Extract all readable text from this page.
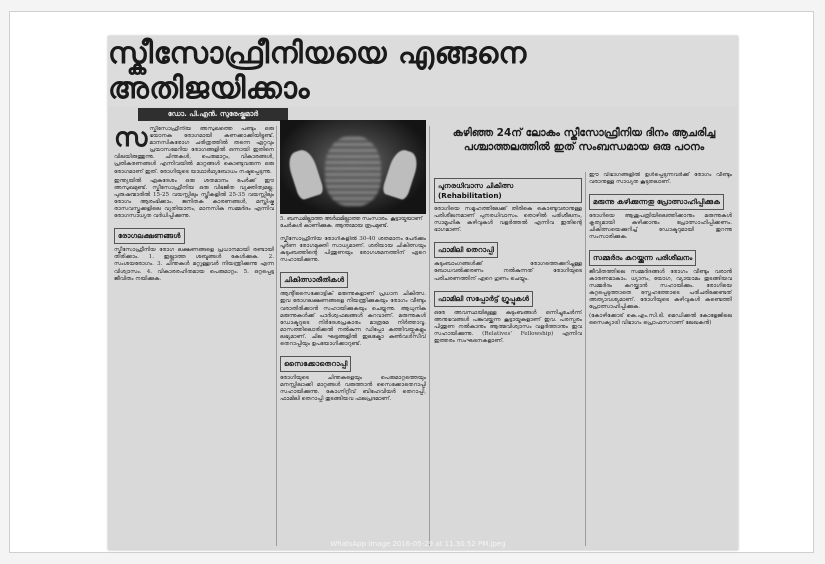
സ്കീസോഫ്രീനിയയെ എങ്ങനെ അതിജയിക്കാം
ഡോ. പി.എൻ. സുരേഷ്കുമാർ

സ സ്കീസോഫ്രീനിയ അസുഖത്തെ പണ്ടും ഒരു ഭയാനക രോഗമായി കണക്കാക്കിയിട്ടുണ്ട്. മാനസികരോഗ ചരിത്രത്തിൽ തന്നെ ഏറ്റവും പ്രയാസമേറിയ രോഗങ്ങളിൽ ഒന്നായി ഇതിനെ വിലയിരുത്തുന്നു. ചിന്തകൾ, പെരുമാറ്റം, വികാരങ്ങൾ, പ്രതികരണങ്ങൾ എന്നിവയിൽ മാറ്റങ്ങൾ കൊണ്ടുവരുന്ന ഒരു രോഗമാണ് ഇത്. രോഗിയുടെ യാഥാർഥ്യബോധം നഷ്ടപ്പെടുന്നു.

ഇന്ത്യയിൽ ഏകദേശം ഒരു ശതമാനം പേർക്ക് ഈ അസുഖമുണ്ട്. സ്കീസോഫ്രീനിയ ഒരു വിഭജിത വ്യക്തിത്വമല്ല. പുരുഷന്മാരിൽ 15-25 വയസ്സിലും സ്ത്രീകളിൽ 25-35 വയസ്സിലും രോഗം ആരംഭിക്കാം. ജനിതക കാരണങ്ങൾ, മസ്തിഷ്ക രാസവസ്തുക്കളിലെ വ്യതിയാനം, മാനസിക സമ്മർദം എന്നിവ രോഗസാധ്യത വർധിപ്പിക്കുന്നു.

രോഗലക്ഷണങ്ങൾ

സ്കീസോഫ്രീനിയ രോഗ ലക്ഷണങ്ങളെ പ്രധാനമായി രണ്ടായി തിരിക്കാം. 1. ഇല്ലാത്ത ശബ്ദങ്ങൾ കേൾക്കുക. 2. സംശയരോഗം. 3. ചിന്തകൾ മറ്റുള്ളവർ നിയന്ത്രിക്കുന്നു എന്ന വിശ്വാസം. 4. വികാരരഹിതമായ പെരുമാറ്റം. 5. ഒറ്റപ്പെട്ട ജീവിതം നയിക്കുക.

5. ബന്ധമില്ലാത്ത അർഥമില്ലാത്ത സംസാരം. കൂട്ടായ്മയാണ് ചേർകൾ കാണിക്കുക. ആന്തഃമായ രൂപമുണ്ട്.

സ്കീസോഫ്രീനിയ രോഗികളിൽ 30-40 ശതമാനം പേർക്കും പൂർണ രോഗമുക്തി സാധ്യമാണ്. ശരിയായ ചികിത്സയും കുടുംബത്തിന്റെ പിന്തുണയും രോഗശമനത്തിന് ഏറെ സഹായിക്കുന്നു.

ചികിത്സാരീതികൾ

ആന്റിസൈക്കോട്ടിക് മരുന്നുകളാണ് പ്രധാന ചികിത്സ. ഇവ രോഗലക്ഷണങ്ങളെ നിയന്ത്രിക്കുകയും രോഗം വീണ്ടും വരാതിരിക്കാൻ സഹായിക്കുകയും ചെയ്യുന്നു. ആധുനിക മരുന്നുകൾക്ക് പാർശ്വഫലങ്ങൾ കുറവാണ്. മരുന്നുകൾ ഡോക്ടറുടെ നിർദേശപ്രകാരം മാത്രമേ നിർത്താവൂ. മാസത്തിലൊരിക്കൽ നൽകുന്ന ഡിപ്പോ കുത്തിവയ്പുകളും ലഭ്യമാണ്. ചില ഘട്ടങ്ങളിൽ ഇലക്ട്രോ കൺവൾസീവ് തെറാപ്പിയും ഉപയോഗിക്കാറുണ്ട്.

സൈക്കോതെറാപ്പി

രോഗിയുടെ ചിന്തകളെയും പെരുമാറ്റത്തെയും മനസ്സിലാക്കി മാറ്റങ്ങൾ വരുത്താൻ സൈക്കോതെറാപ്പി സഹായിക്കുന്നു. കോഗ്നിറ്റീവ് ബിഹേവിയർ തെറാപ്പി, ഫാമിലി തെറാപ്പി തുടങ്ങിയവ ഫലപ്രദമാണ്.

കഴിഞ്ഞ 24ന് ലോകം സ്കീസോഫ്രീനിയ ദിനം ആചരിച്ച
പശ്ചാത്തലത്തിൽ ഇത് സംബന്ധമായ ഒരു പഠനം
പുനരധിവാസ ചികിത്സ (Rehabilitation)

രോഗിയെ സമൂഹത്തിലേക്ക് തിരികെ കൊണ്ടുവരാനുള്ള പരിശീലനമാണ് പുനരധിവാസം. തൊഴിൽ പരിശീലനം, സാമൂഹിക കഴിവുകൾ വളർത്തൽ എന്നിവ ഇതിന്റെ ഭാഗമാണ്.

ഫാമിലി തെറാപ്പി

കുടുംബാംഗങ്ങൾക്ക് രോഗത്തെക്കുറിച്ചുള്ള ബോധവൽക്കരണം നൽകുന്നത് രോഗിയുടെ പരിചരണത്തിന് ഏറെ ഗുണം ചെയ്യും.

ഫാമിലി സപ്പോർട്ട് ഗ്രൂപ്പുകൾ

ഒരേ അവസ്ഥയിലുള്ള കുടുംബങ്ങൾ ഒന്നിച്ചുചേർന്ന് അനുഭവങ്ങൾ പങ്കുവയ്ക്കുന്ന കൂട്ടായ്മകളാണ് ഇവ. പരസ്പരം പിന്തുണ നൽകാനും ആത്മവിശ്വാസം വളർത്താനും ഇവ സഹായിക്കുന്നു. (Relatives' Fellowship) എന്നിവ ഇത്തരം സംഘടനകളാണ്.

ഈ വിഭാഗങ്ങളിൽ ഉൾപ്പെടുന്നവർക്ക് രോഗം വീണ്ടും വരാനുള്ള സാധ്യത കൂടുതലാണ്.

മരുന്നു കഴിക്കുന്നതു പ്രോത്സാഹിപ്പിക്കുക

രോഗിയെ ആശുപത്രിയിലെത്തിക്കാനും മരുന്നുകൾ കൃത്യമായി കഴിക്കാനും പ്രോത്സാഹിപ്പിക്കണം. ചികിത്സയെക്കുറിച്ച് ഡോക്ടറുമായി തുറന്നു സംസാരിക്കുക.

സമ്മർദം കുറയ്ക്കുന്ന പരിശീലനം

ജീവിതത്തിലെ സമ്മർദങ്ങൾ രോഗം വീണ്ടും വരാൻ കാരണമാകാം. ധ്യാനം, യോഗ, വ്യായാമം തുടങ്ങിയവ സമ്മർദം കുറയ്ക്കാൻ സഹായിക്കും. രോഗിയെ കുറ്റപ്പെടുത്താതെ സ്നേഹത്തോടെ പരിചരിക്കേണ്ടത് അത്യാവശ്യമാണ്. രോഗിയുടെ കഴിവുകൾ കണ്ടെത്തി പ്രോത്സാഹിപ്പിക്കുക.

(കോഴിക്കോട് കെ.എം.സി.ടി. മെഡിക്കൽ കോളേജിലെ സൈക്യാട്രി വിഭാഗം പ്രൊഫസറാണ് ലേഖകൻ)

WhatsApp Image 2016-05-29 at 11.30.52 PM.jpeg
